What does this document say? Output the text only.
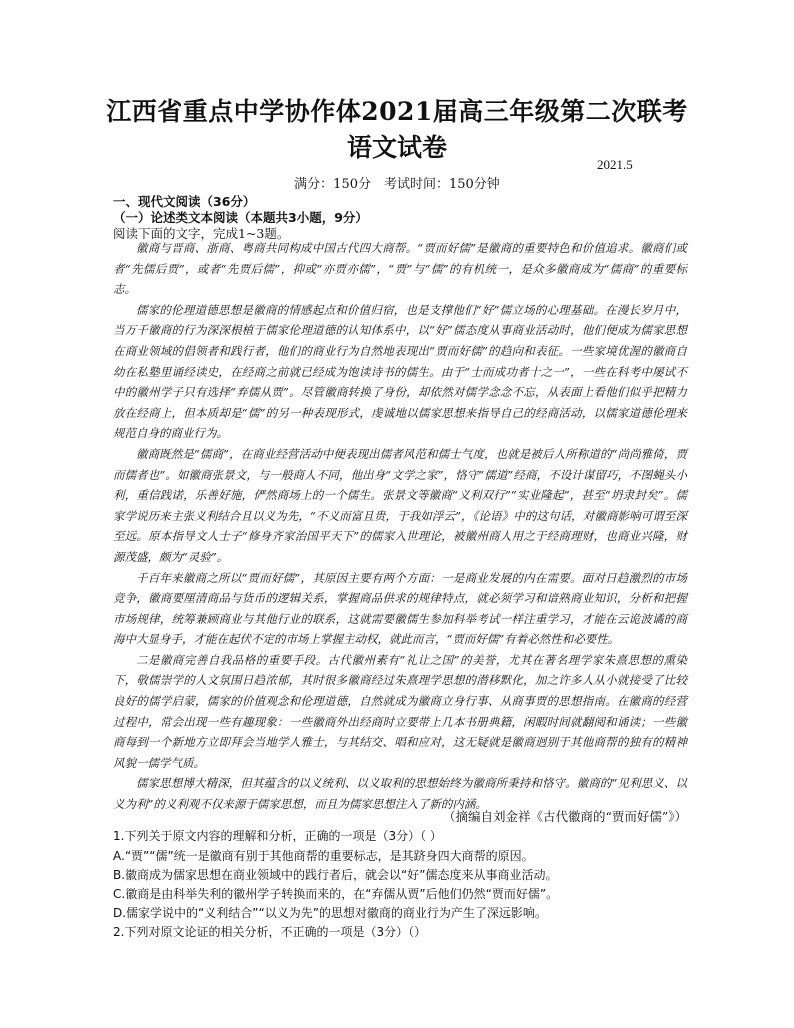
江西省重点中学协作体2021届高三年级第二次联考
语文试卷
2021.5
满分：150分　考试时间：150分钟
一、现代文阅读（36分）
（一）论述类文本阅读（本题共3小题，9分）
阅读下面的文字，完成1~3题。

徽商与晋商、浙商、粤商共同构成中国古代四大商帮。“贾而好儒”是徽商的重要特色和价值追求。徽商们或者“先儒后贾”，或者“先贾后儒”，抑或“亦贾亦儒”，“贾”与“儒”的有机统一，是众多徽商成为“儒商”的重要标志。

儒家的伦理道德思想是徽商的情感起点和价值归宿，也是支撑他们“好”儒立场的心理基础。在漫长岁月中，当万千徽商的行为深深根植于儒家伦理道德的认知体系中，以“好”儒态度从事商业活动时，他们便成为儒家思想在商业领域的倡领者和践行者，他们的商业行为自然地表现出“贾而好儒”的趋向和表征。一些家境优渥的徽商自幼在私塾里诵经读史，在经商之前就已经成为饱读诗书的儒生。由于“士而成功者十之一”，一些在科考中屡试不中的徽州学子只有选择“弃儒从贾”。尽管徽商转换了身份，却依然对儒学念念不忘，从表面上看他们似乎把精力放在经商上，但本质却是“儒”的另一种表现形式，虔诚地以儒家思想来指导自己的经商活动，以儒家道德伦理来规范自身的商业行为。

徽商既然是“儒商”，在商业经营活动中便表现出儒者风范和儒士气度，也就是被后人所称道的“尚尚雅倚，贾而儒者也”。如徽商张景文，与一般商人不同，他出身“文学之家”，恪守“儒道”经商，不设计谋留巧，不图蝇头小利，重信践诺，乐善好施，俨然商场上的一个儒生。张景文等徽商“义利双行”“实业隆起”，甚至“坍隶封矣”。儒家学说历来主张义利结合且以义为先，“不义而富且贵，于我如浮云”，《论语》中的这句话，对徽商影响可谓至深至远。原本指导文人士子“修身齐家治国平天下”的儒家入世理论，被徽州商人用之于经商理财，也商业兴隆，财源茂盛，颇为“灵验”。

千百年来徽商之所以“贾而好儒”，其原因主要有两个方面：一是商业发展的内在需要。面对日趋激烈的市场竞争，徽商要厘清商品与货币的逻辑关系，掌握商品供求的规律特点，就必须学习和谙熟商业知识，分析和把握市场规律，统筹兼顾商业与其他行业的联系，这就需要徽儒生参加科举考试一样注重学习，才能在云诡波谲的商海中大显身手，才能在起伏不定的市场上掌握主动权，就此而言，“贾而好儒”有着必然性和必要性。

二是徽商完善自我品格的重要手段。古代徽州素有“礼让之国”的美誉，尤其在著名理学家朱熹思想的熏染下，敬儒崇学的人文氛围日趋浓郁，其时很多徽商经过朱熹理学思想的潜移默化，加之许多人从小就接受了比较良好的儒学启蒙，儒家的价值观念和伦理道德，自然就成为徽商立身行事、从商事贾的思想指南。在徽商的经营过程中，常会出现一些有趣现象：一些徽商外出经商时立要带上几本书册典籍，闲暇时间就翻阅和诵读；一些徽商每到一个新地方立即拜会当地学人雅士，与其结交、唱和应对，这无疑就是徽商迥别于其他商帮的独有的精神风貌一儒学气质。

儒家思想博大精深，但其蕴含的以义统利、以义取利的思想始终为徽商所秉持和恪守。徽商的“见利思义、以义为利”的义利观不仅来源于儒家思想，而且为儒家思想注入了新的内涵。

（摘编自刘金祥《古代徽商的“贾而好儒”》）
1.下列关于原文内容的理解和分析，正确的一项是（3分）（ ）
A.“贾”“儒”统一是徽商有别于其他商帮的重要标志，是其跻身四大商帮的原因。
B.徽商成为儒家思想在商业领域中的践行者后，就会以“好”儒态度来从事商业活动。
C.徽商是由科举失利的徽州学子转换而来的，在“弃儒从贾”后他们仍然“贾而好儒”。
D.儒家学说中的“义利结合”“以义为先”的思想对徽商的商业行为产生了深远影响。
2.下列对原文论证的相关分析，不正确的一项是（3分）（）
